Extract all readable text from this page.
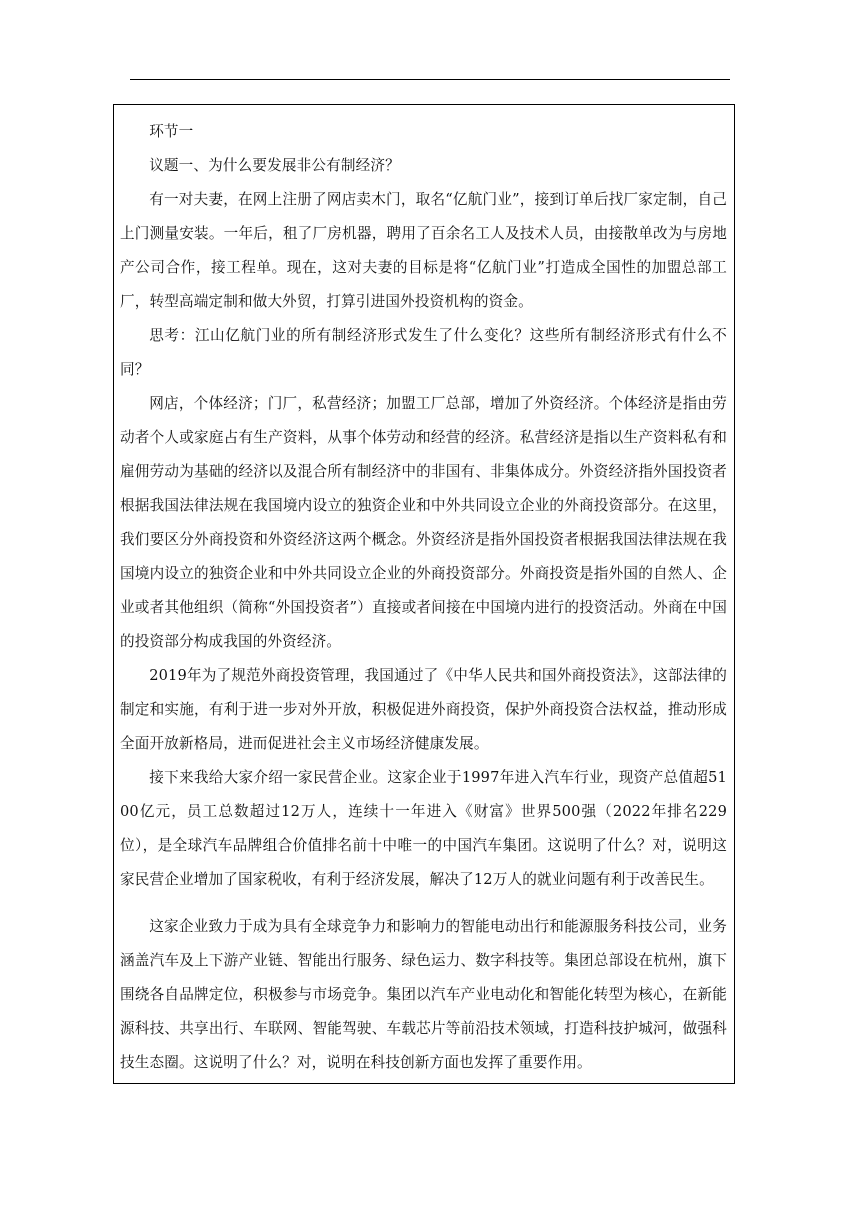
环节一

议题一、为什么要发展非公有制经济？

有一对夫妻，在网上注册了网店卖木门，取名“亿航门业”，接到订单后找厂家定制，自己上门测量安装。一年后，租了厂房机器，聘用了百余名工人及技术人员，由接散单改为与房地产公司合作，接工程单。现在，这对夫妻的目标是将“亿航门业”打造成全国性的加盟总部工厂，转型高端定制和做大外贸，打算引进国外投资机构的资金。

思考：江山亿航门业的所有制经济形式发生了什么变化？这些所有制经济形式有什么不同？

网店，个体经济；门厂，私营经济；加盟工厂总部，增加了外资经济。个体经济是指由劳动者个人或家庭占有生产资料，从事个体劳动和经营的经济。私营经济是指以生产资料私有和雇佣劳动为基础的经济以及混合所有制经济中的非国有、非集体成分。外资经济指外国投资者根据我国法律法规在我国境内设立的独资企业和中外共同设立企业的外商投资部分。在这里，我们要区分外商投资和外资经济这两个概念。外资经济是指外国投资者根据我国法律法规在我国境内设立的独资企业和中外共同设立企业的外商投资部分。外商投资是指外国的自然人、企业或者其他组织（简称“外国投资者”）直接或者间接在中国境内进行的投资活动。外商在中国的投资部分构成我国的外资经济。

2019年为了规范外商投资管理，我国通过了《中华人民共和国外商投资法》，这部法律的制定和实施，有利于进一步对外开放，积极促进外商投资，保护外商投资合法权益，推动形成全面开放新格局，进而促进社会主义市场经济健康发展。

接下来我给大家介绍一家民营企业。这家企业于1997年进入汽车行业，现资产总值超5100亿元，员工总数超过12万人，连续十一年进入《财富》世界500强（2022年排名229位），是全球汽车品牌组合价值排名前十中唯一的中国汽车集团。这说明了什么？对，说明这家民营企业增加了国家税收，有利于经济发展，解决了12万人的就业问题有利于改善民生。

这家企业致力于成为具有全球竞争力和影响力的智能电动出行和能源服务科技公司，业务涵盖汽车及上下游产业链、智能出行服务、绿色运力、数字科技等。集团总部设在杭州，旗下围绕各自品牌定位，积极参与市场竞争。集团以汽车产业电动化和智能化转型为核心，在新能源科技、共享出行、车联网、智能驾驶、车载芯片等前沿技术领域，打造科技护城河，做强科技生态圈。这说明了什么？对，说明在科技创新方面也发挥了重要作用。
